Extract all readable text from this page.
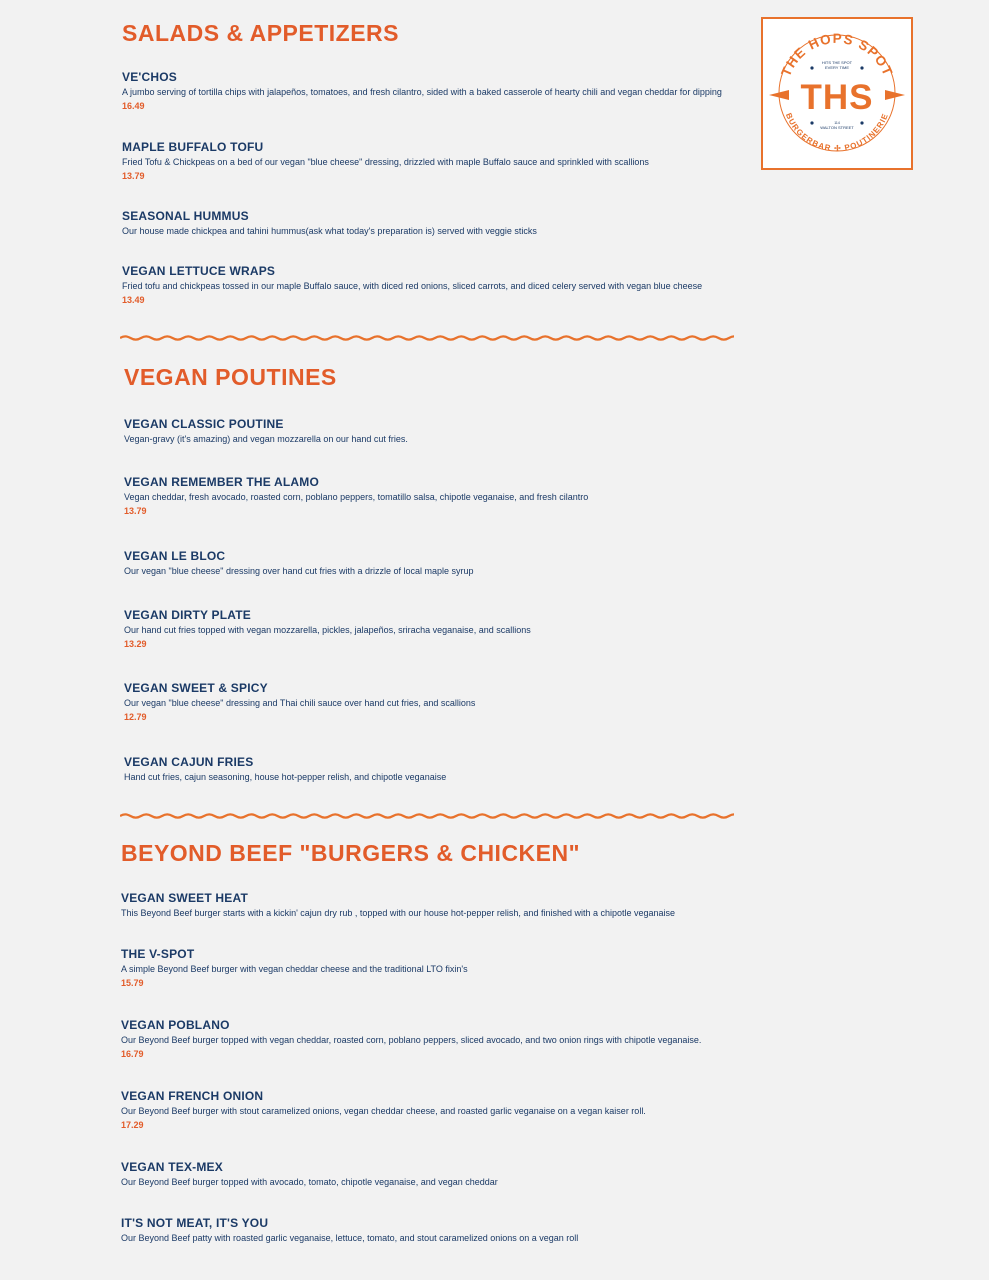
SALADS & APPETIZERS
VE'CHOS
A jumbo serving of tortilla chips with jalapeños, tomatoes, and fresh cilantro, sided with a baked casserole of hearty chili and vegan cheddar for dipping
16.49
MAPLE BUFFALO TOFU
Fried Tofu & Chickpeas on a bed of our vegan "blue cheese" dressing, drizzled with maple Buffalo sauce and sprinkled with scallions
13.79
SEASONAL HUMMUS
Our house made chickpea and tahini hummus(ask what today's preparation is) served with veggie sticks
VEGAN LETTUCE WRAPS
Fried tofu and chickpeas tossed in our maple Buffalo sauce, with diced red onions, sliced carrots, and diced celery served with vegan blue cheese
13.49
VEGAN POUTINES
VEGAN CLASSIC POUTINE
Vegan-gravy (it's amazing) and vegan mozzarella on our hand cut fries.
VEGAN REMEMBER THE ALAMO
Vegan cheddar, fresh avocado, roasted corn, poblano peppers, tomatillo salsa, chipotle veganaise, and fresh cilantro
13.79
VEGAN LE BLOC
Our vegan "blue cheese" dressing over hand cut fries with a drizzle of local maple syrup
VEGAN DIRTY PLATE
Our hand cut fries topped with vegan mozzarella, pickles, jalapeños, sriracha veganaise, and scallions
13.29
VEGAN SWEET & SPICY
Our vegan "blue cheese" dressing and Thai chili sauce over hand cut fries, and scallions
12.79
VEGAN CAJUN FRIES
Hand cut fries, cajun seasoning, house hot-pepper relish, and chipotle veganaise
BEYOND BEEF "BURGERS & CHICKEN"
VEGAN SWEET HEAT
This Beyond Beef burger starts with a kickin' cajun dry rub , topped with our house hot-pepper relish, and finished with a chipotle veganaise
THE V-SPOT
A simple Beyond Beef burger with vegan cheddar cheese and the traditional LTO fixin's
15.79
VEGAN POBLANO
Our Beyond Beef burger topped with vegan cheddar, roasted corn, poblano peppers, sliced avocado, and two onion rings with chipotle veganaise.
16.79
VEGAN FRENCH ONION
Our Beyond Beef burger with stout caramelized onions, vegan cheddar cheese, and roasted garlic veganaise on a vegan kaiser roll.
17.29
VEGAN TEX-MEX
Our Beyond Beef burger topped with avocado, tomato, chipotle veganaise, and vegan cheddar
IT'S NOT MEAT, IT'S YOU
Our Beyond Beef patty with roasted garlic veganaise, lettuce, tomato, and stout caramelized onions on a vegan roll
THE HOPS SPOT
BURGERBAR ✢ POUTINERIE
HITS THE SPOT
EVERY TIME
THS
114
WALTON STREET
